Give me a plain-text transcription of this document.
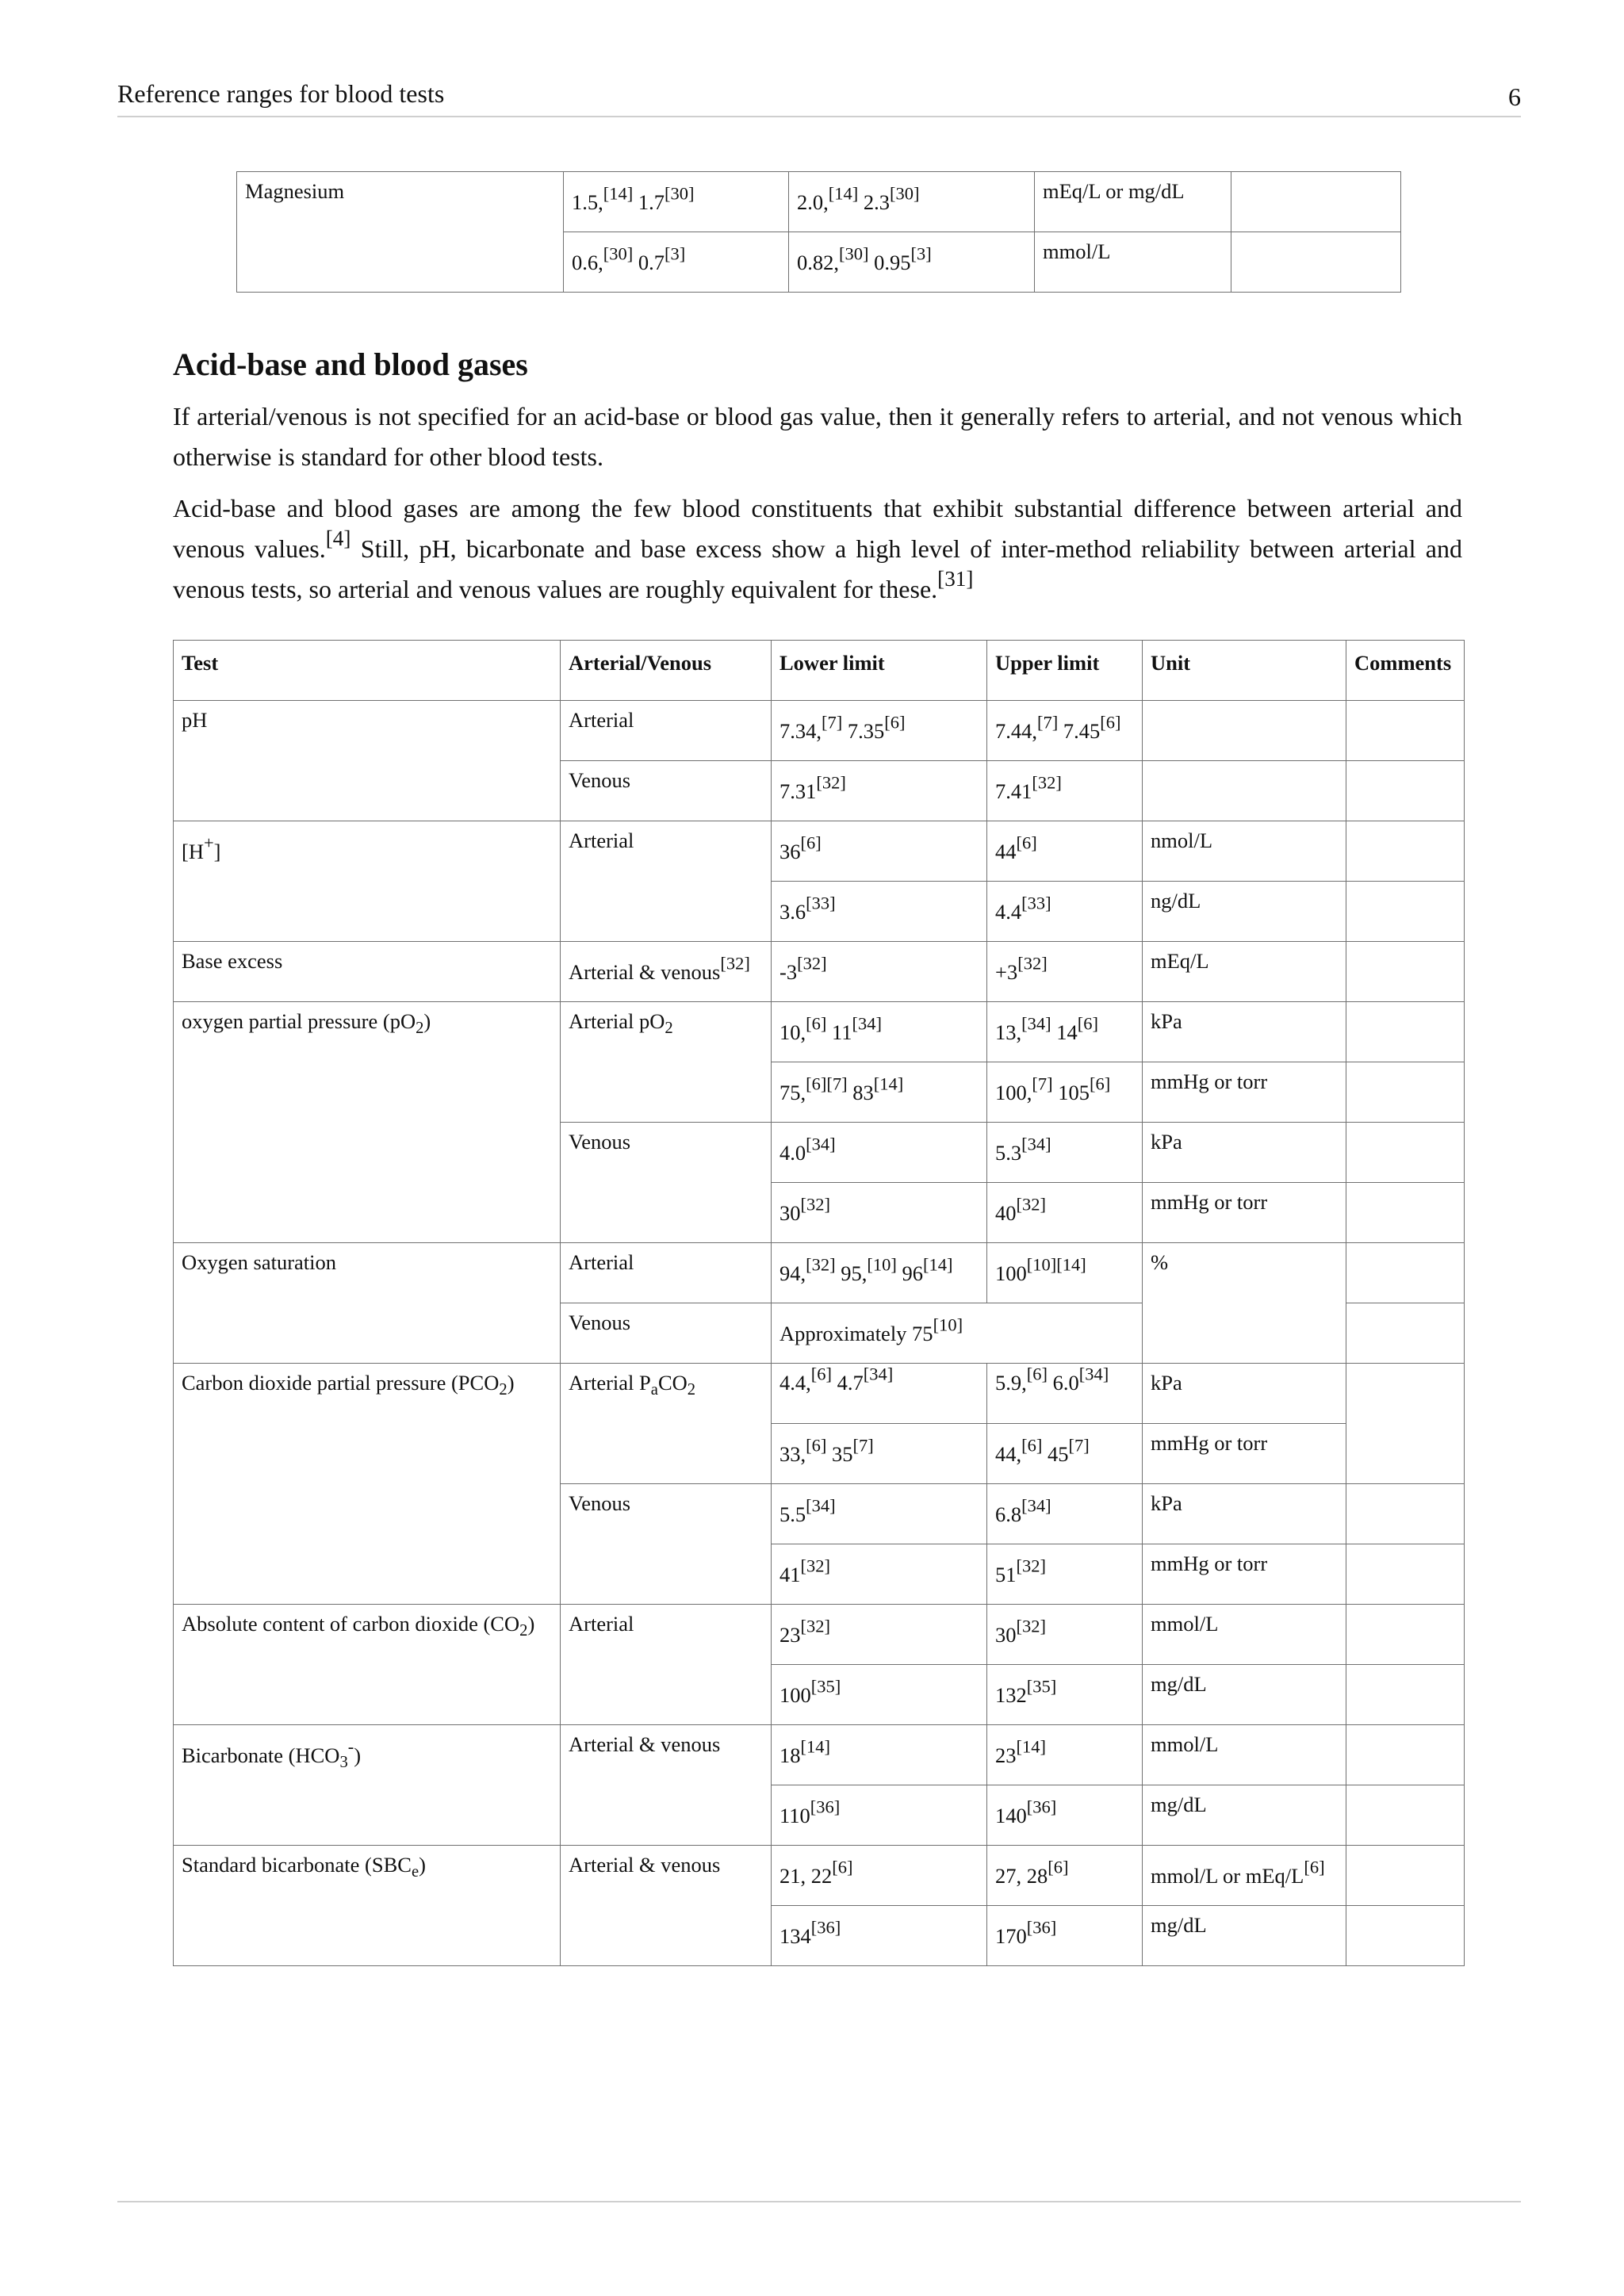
Reference ranges for blood tests	6
Magnesium	1.5,[14] 1.7[30]	2.0,[14] 2.3[30]	mEq/L or mg/dL	
	0.6,[30] 0.7[3]	0.82,[30] 0.95[3]	mmol/L	
Acid-base and blood gases

If arterial/venous is not specified for an acid-base or blood gas value, then it generally refers to arterial, and not venous which otherwise is standard for other blood tests.

Acid-base and blood gases are among the few blood constituents that exhibit substantial difference between arterial and venous values.[4] Still, pH, bicarbonate and base excess show a high level of inter-method reliability between arterial and venous tests, so arterial and venous values are roughly equivalent for these.[31]

Test	Arterial/Venous	Lower limit	Upper limit	Unit	Comments
pH	Arterial	7.34,[7] 7.35[6]	7.44,[7] 7.45[6]		
	Venous	7.31[32]	7.41[32]		
[H+]	Arterial	36[6]	44[6]	nmol/L	
		3.6[33]	4.4[33]	ng/dL	
Base excess	Arterial & venous[32]	-3[32]	+3[32]	mEq/L	
oxygen partial pressure $(pO_2)$	Arterial $pO_2$	10,[6] 11[34]	13,[34] 14[6]	kPa	
		75,[6][7] 83[14]	100,[7] 105[6]	mmHg or torr	
	Venous	4.0[34]	5.3[34]	kPa	
		30[32]	40[32]	mmHg or torr	
Oxygen saturation	Arterial	94,[32] 95,[10] 96[14]	100[10][14]	%	
	Venous	Approximately 75[10]	
Carbon dioxide partial pressure $(PCO_2)$	Arterial $P_aCO_2$	4.4,[6] 4.7[34]	5.9,[6] 6.0[34]	kPa	
		33,[6] 35[7]	44,[6] 45[7]	mmHg or torr	
	Venous	5.5[34]	6.8[34]	kPa	
		41[32]	51[32]	mmHg or torr	
Absolute content of carbon dioxide $(CO_2)$	Arterial	23[32]	30[32]	mmol/L	
		100[35]	132[35]	mg/dL	
Bicarbonate $(HCO_3^-)$	Arterial & venous	18[14]	23[14]	mmol/L	
		110[36]	140[36]	mg/dL	
Standard bicarbonate $(SBC_e)$	Arterial & venous	21, 22[6]	27, 28[6]	mmol/L or mEq/L[6]	
		134[36]	170[36]	mg/dL	
